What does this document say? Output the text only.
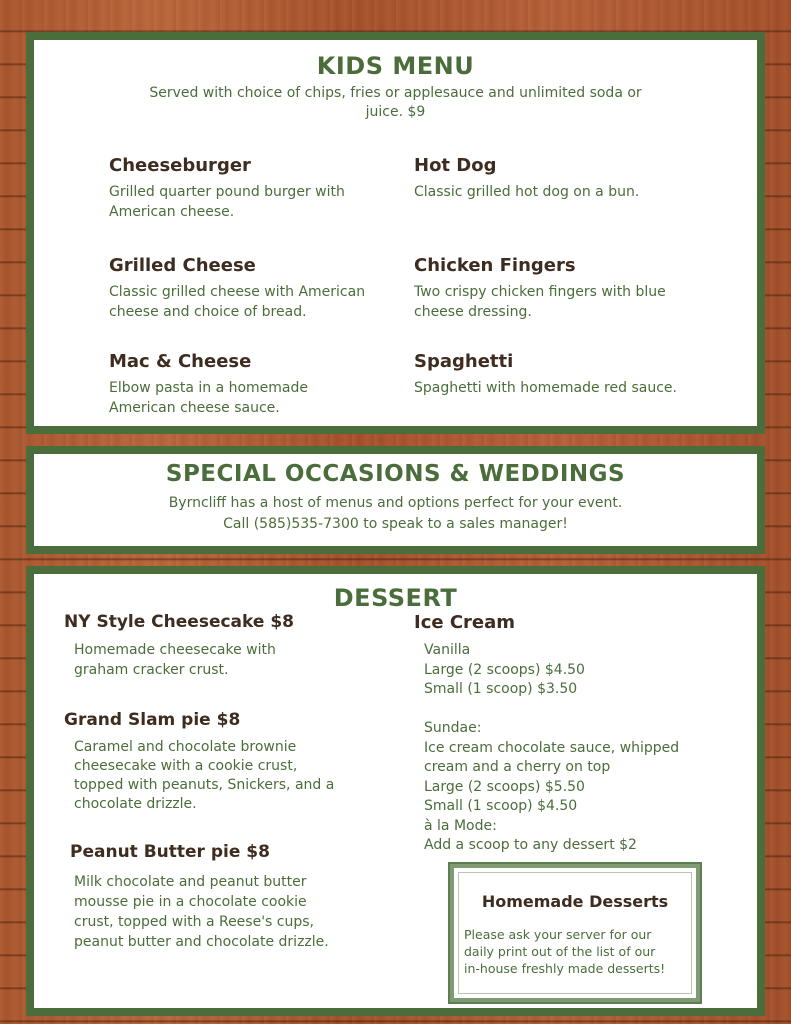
KIDS MENU
Served with choice of chips, fries or applesauce and unlimited soda or
juice. $9
Cheeseburger
Grilled quarter pound burger with
American cheese.
Hot Dog
Classic grilled hot dog on a bun.
Grilled Cheese
Classic grilled cheese with American
cheese and choice of bread.
Chicken Fingers
Two crispy chicken fingers with blue
cheese dressing.
Mac & Cheese
Elbow pasta in a homemade
American cheese sauce.
Spaghetti
Spaghetti with homemade red sauce.
SPECIAL OCCASIONS & WEDDINGS
Byrncliff has a host of menus and options perfect for your event.
Call (585)535-7300 to speak to a sales manager!
DESSERT
NY Style Cheesecake $8
Homemade cheesecake with
graham cracker crust.
Grand Slam pie $8
Caramel and chocolate brownie
cheesecake with a cookie crust,
topped with peanuts, Snickers, and a
chocolate drizzle.
Peanut Butter pie $8
Milk chocolate and peanut butter
mousse pie in a chocolate cookie
crust, topped with a Reese's cups,
peanut butter and chocolate drizzle.
Ice Cream
Vanilla
Large (2 scoops) $4.50
Small (1 scoop) $3.50
Sundae:
Ice cream chocolate sauce, whipped
cream and a cherry on top
Large (2 scoops) $5.50
Small (1 scoop) $4.50
à la Mode:
Add a scoop to any dessert $2
Homemade Desserts
Please ask your server for our
daily print out of the list of our
in-house freshly made desserts!
